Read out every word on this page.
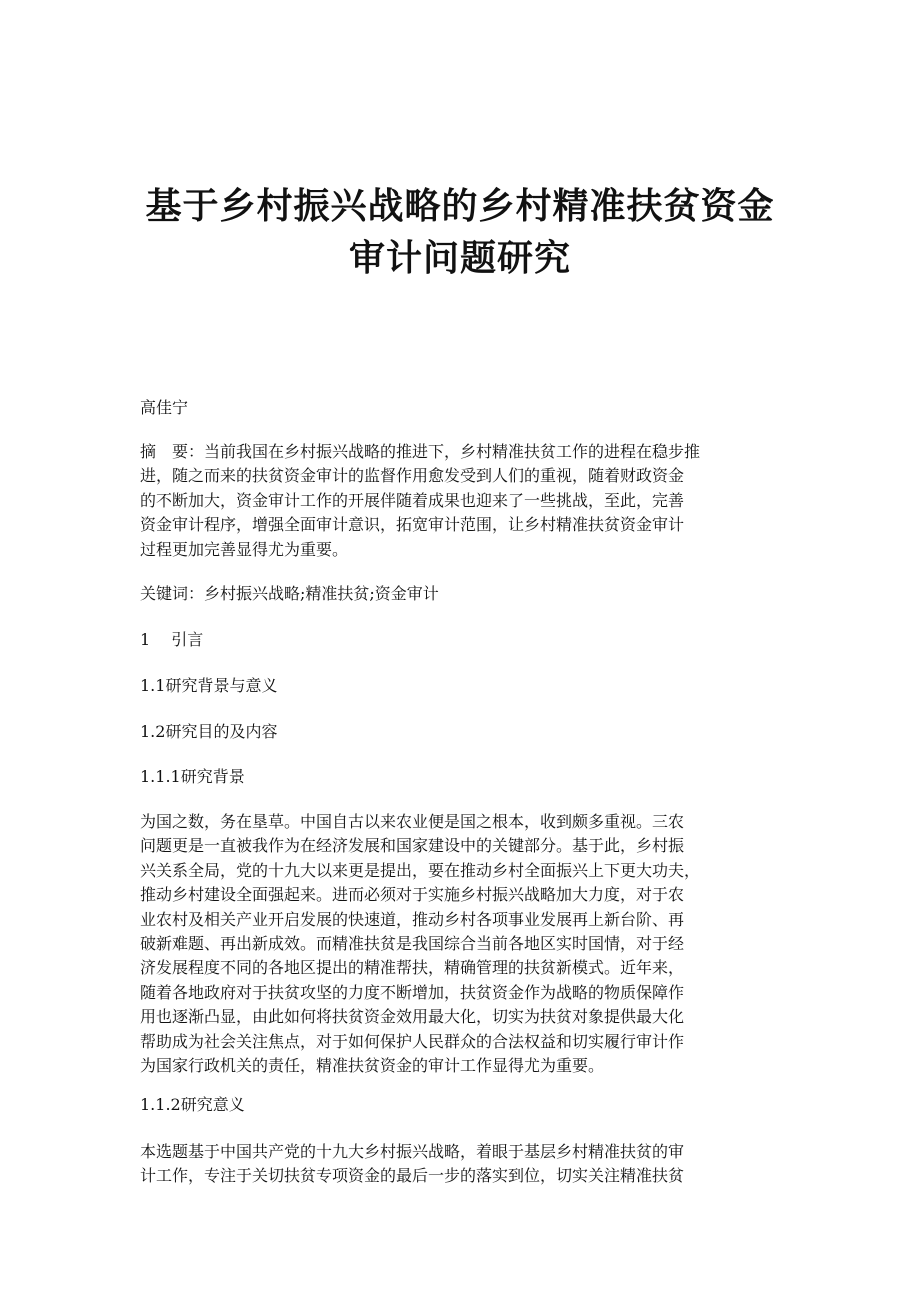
基于乡村振兴战略的乡村精准扶贫资金
审计问题研究
高佳宁
摘　要：当前我国在乡村振兴战略的推进下，乡村精准扶贫工作的进程在稳步推
进，随之而来的扶贫资金审计的监督作用愈发受到人们的重视，随着财政资金
的不断加大，资金审计工作的开展伴随着成果也迎来了一些挑战，至此，完善
资金审计程序，增强全面审计意识，拓宽审计范围，让乡村精准扶贫资金审计
过程更加完善显得尤为重要。
关键词：乡村振兴战略;精准扶贫;资金审计
1　 引言
1.1研究背景与意义
1.2研究目的及内容
1.1.1研究背景
为国之数，务在垦草。中国自古以来农业便是国之根本，收到颇多重视。三农
问题更是一直被我作为在经济发展和国家建设中的关键部分。基于此，乡村振
兴关系全局，党的十九大以来更是提出，要在推动乡村全面振兴上下更大功夫，
推动乡村建设全面强起来。进而必须对于实施乡村振兴战略加大力度，对于农
业农村及相关产业开启发展的快速道，推动乡村各项事业发展再上新台阶、再
破新难题、再出新成效。而精准扶贫是我国综合当前各地区实时国情，对于经
济发展程度不同的各地区提出的精准帮扶，精确管理的扶贫新模式。近年来，
随着各地政府对于扶贫攻坚的力度不断增加，扶贫资金作为战略的物质保障作
用也逐渐凸显，由此如何将扶贫资金效用最大化，切实为扶贫对象提供最大化
帮助成为社会关注焦点，对于如何保护人民群众的合法权益和切实履行审计作
为国家行政机关的责任，精准扶贫资金的审计工作显得尤为重要。
1.1.2研究意义
本选题基于中国共产党的十九大乡村振兴战略，着眼于基层乡村精准扶贫的审
计工作，专注于关切扶贫专项资金的最后一步的落实到位，切实关注精准扶贫
